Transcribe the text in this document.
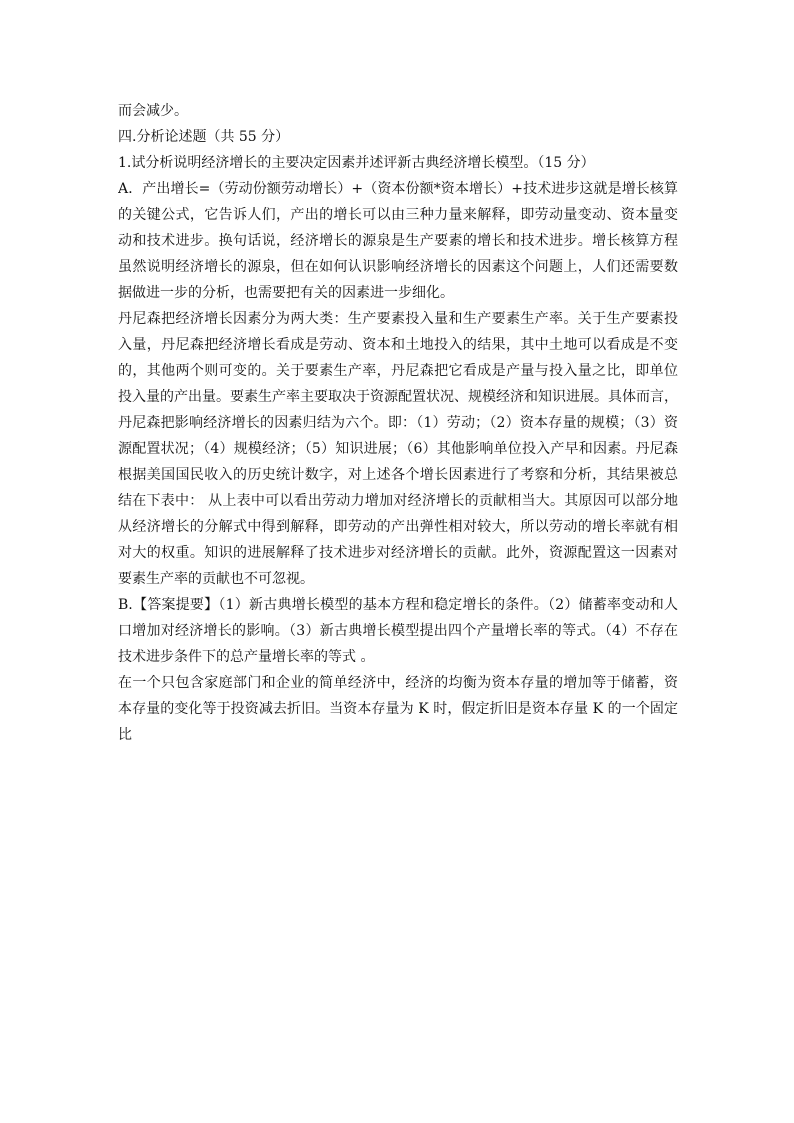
而会减少。
四.分析论述题（共 55 分）
1.试分析说明经济增长的主要决定因素并述评新古典经济增长模型。（15 分）
A．产出增长=（劳动份额劳动增长）+（资本份额*资本增长）+技术进步这就是增长核算
的关键公式，它告诉人们，产出的增长可以由三种力量来解释，即劳动量变动、资本量变
动和技术进步。换句话说，经济增长的源泉是生产要素的增长和技术进步。增长核算方程
虽然说明经济增长的源泉，但在如何认识影响经济增长的因素这个问题上，人们还需要数
据做进一步的分析，也需要把有关的因素进一步细化。
丹尼森把经济增长因素分为两大类：生产要素投入量和生产要素生产率。关于生产要素投
入量，丹尼森把经济增长看成是劳动、资本和土地投入的结果，其中土地可以看成是不变
的，其他两个则可变的。关于要素生产率，丹尼森把它看成是产量与投入量之比，即单位
投入量的产出量。要素生产率主要取决于资源配置状况、规模经济和知识进展。具体而言，
丹尼森把影响经济增长的因素归结为六个。即：（1）劳动；（2）资本存量的规模；（3）资
源配置状况；（4）规模经济；（5）知识进展；（6）其他影响单位投入产早和因素。丹尼森
根据美国国民收入的历史统计数字，对上述各个增长因素进行了考察和分析，其结果被总
结在下表中： 从上表中可以看出劳动力增加对经济增长的贡献相当大。其原因可以部分地
从经济增长的分解式中得到解释，即劳动的产出弹性相对较大，所以劳动的增长率就有相
对大的权重。知识的进展解释了技术进步对经济增长的贡献。此外，资源配置这一因素对
要素生产率的贡献也不可忽视。
B.【答案提要】（1）新古典增长模型的基本方程和稳定增长的条件。（2）储蓄率变动和人
口增加对经济增长的影响。（3）新古典增长模型提出四个产量增长率的等式。（4）不存在
技术进步条件下的总产量增长率的等式 。
在一个只包含家庭部门和企业的简单经济中，经济的均衡为资本存量的增加等于储蓄，资
本存量的变化等于投资减去折旧。当资本存量为 K 时，假定折旧是资本存量 K 的一个固定
比
